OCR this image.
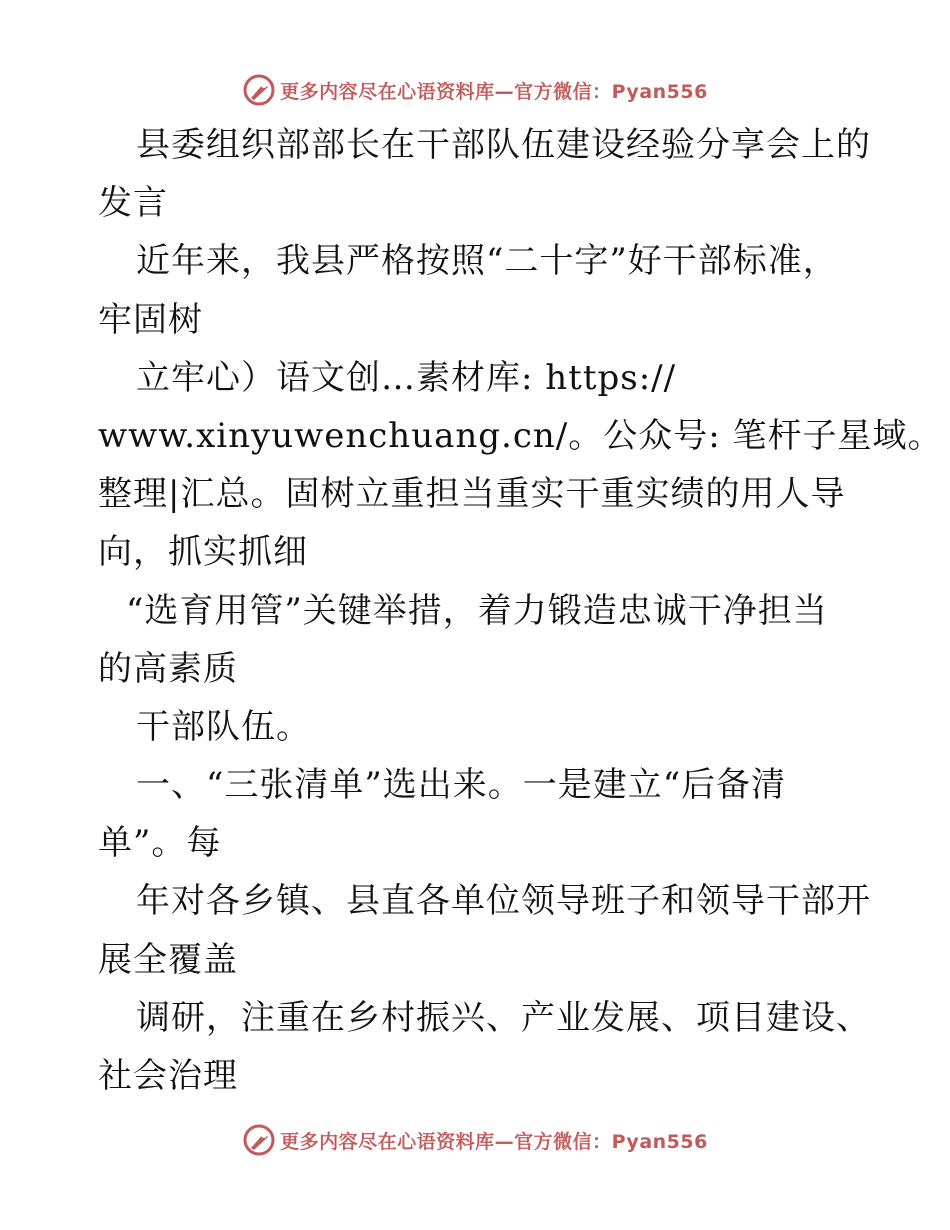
更多内容尽在心语资料库—官方微信：Pyan556
县委组织部部长在干部队伍建设经验分享会上的
发言
近年来，我县严格按照“二十字”好干部标准，
牢固树
立牢心）语文创…素材库: https://
www.xinyuwenchuang.cn/。公众号: 笔杆子星域。
整理|汇总。固树立重担当重实干重实绩的用人导
向，抓实抓细
“选育用管”关键举措，着力锻造忠诚干净担当
的高素质
干部队伍。
一、“三张清单”选出来。一是建立“后备清
单”。每
年对各乡镇、县直各单位领导班子和领导干部开
展全覆盖
调研，注重在乡村振兴、产业发展、项目建设、
社会治理
更多内容尽在心语资料库—官方微信：Pyan556
